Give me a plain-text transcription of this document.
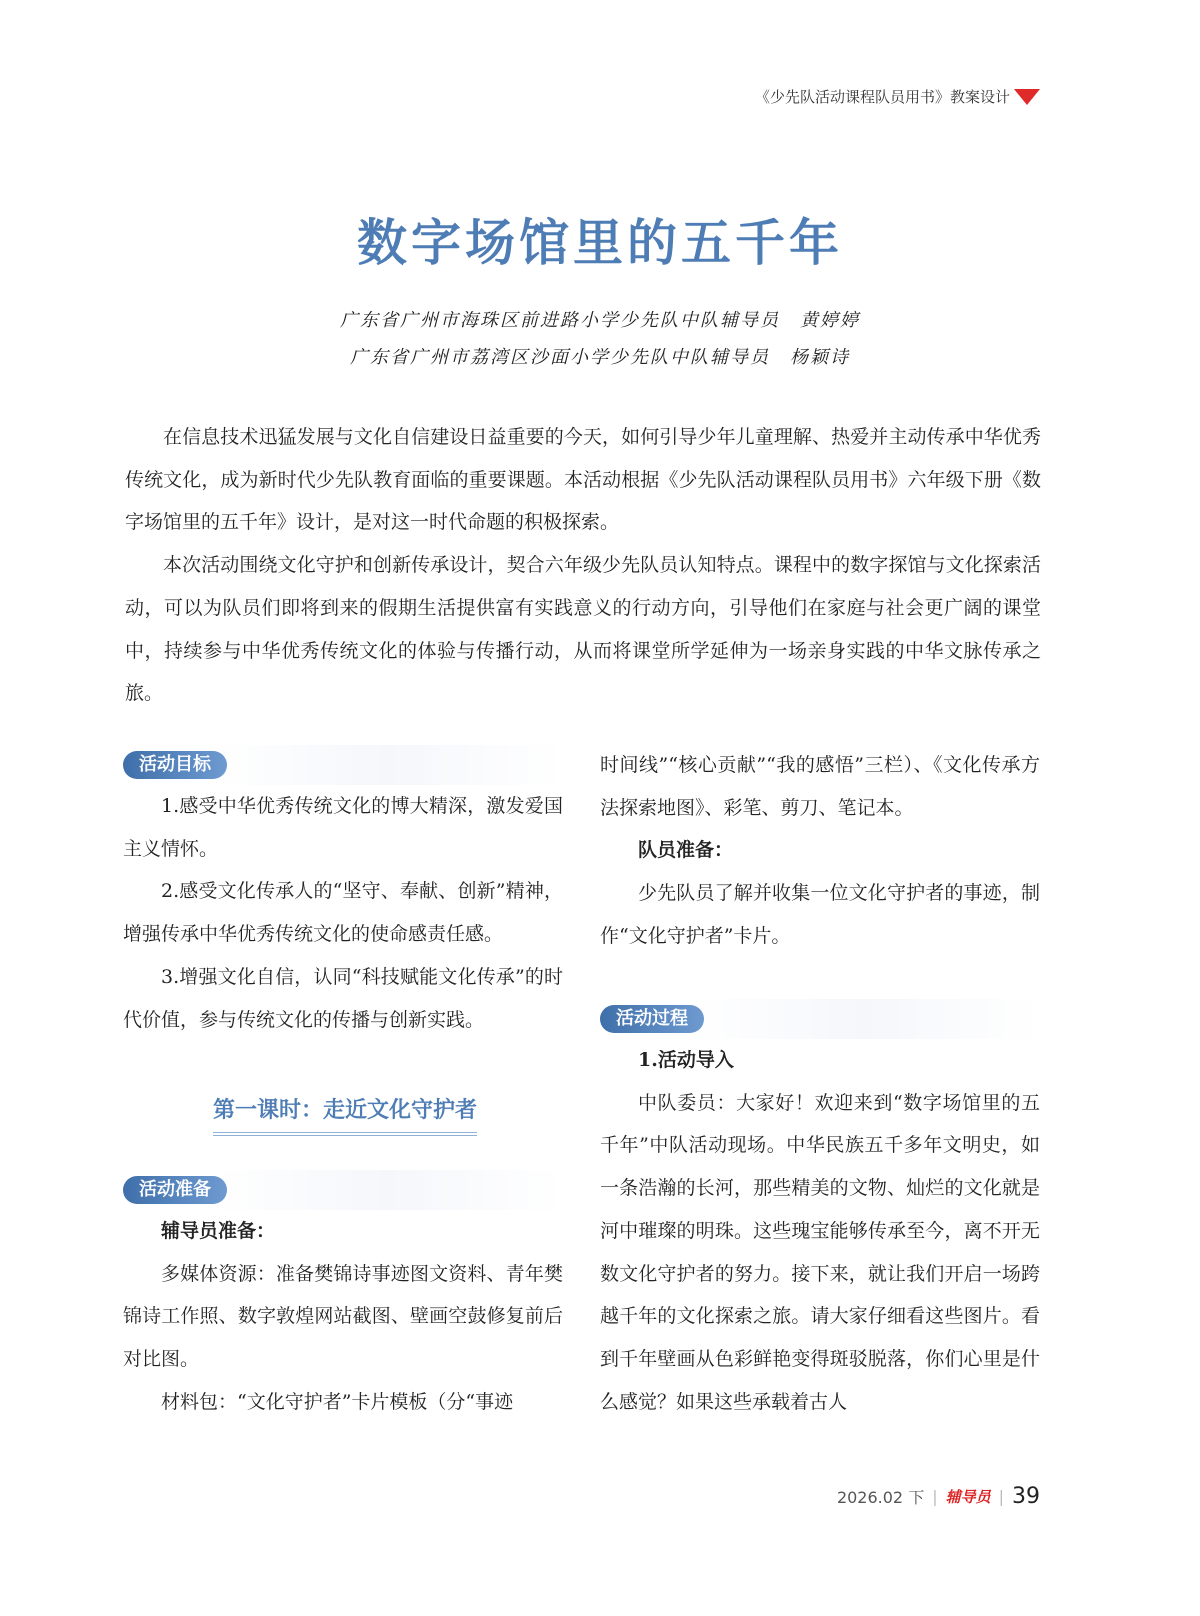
《少先队活动课程队员用书》教案设计
数字场馆里的五千年
广东省广州市海珠区前进路小学少先队中队辅导员　黄婷婷
广东省广州市荔湾区沙面小学少先队中队辅导员　杨颖诗

在信息技术迅猛发展与文化自信建设日益重要的今天，如何引导少年儿童理解、热爱并主动传承中华优秀传统文化，成为新时代少先队教育面临的重要课题。本活动根据《少先队活动课程队员用书》六年级下册《数字场馆里的五千年》设计，是对这一时代命题的积极探索。

本次活动围绕文化守护和创新传承设计，契合六年级少先队员认知特点。课程中的数字探馆与文化探索活动，可以为队员们即将到来的假期生活提供富有实践意义的行动方向，引导他们在家庭与社会更广阔的课堂中，持续参与中华优秀传统文化的体验与传播行动，从而将课堂所学延伸为一场亲身实践的中华文脉传承之旅。

活动目标

1.感受中华优秀传统文化的博大精深，激发爱国主义情怀。

2.感受文化传承人的“坚守、奉献、创新”精神，增强传承中华优秀传统文化的使命感责任感。

3.增强文化自信，认同“科技赋能文化传承”的时代价值，参与传统文化的传播与创新实践。

第一课时：走近文化守护者
活动准备

辅导员准备：

多媒体资源：准备樊锦诗事迹图文资料、青年樊锦诗工作照、数字敦煌网站截图、壁画空鼓修复前后对比图。

材料包：“文化守护者”卡片模板（分“事迹

时间线”“核心贡献”“我的感悟”三栏）、《文化传承方法探索地图》、彩笔、剪刀、笔记本。

队员准备：

少先队员了解并收集一位文化守护者的事迹，制作“文化守护者”卡片。

活动过程

1.活动导入

中队委员：大家好！欢迎来到“数字场馆里的五千年”中队活动现场。中华民族五千多年文明史，如一条浩瀚的长河，那些精美的文物、灿烂的文化就是河中璀璨的明珠。这些瑰宝能够传承至今，离不开无数文化守护者的努力。接下来，就让我们开启一场跨越千年的文化探索之旅。请大家仔细看这些图片。看到千年壁画从色彩鲜艳变得斑驳脱落，你们心里是什么感觉？如果这些承载着古人

2026.02 下 | 辅导员 | 39
